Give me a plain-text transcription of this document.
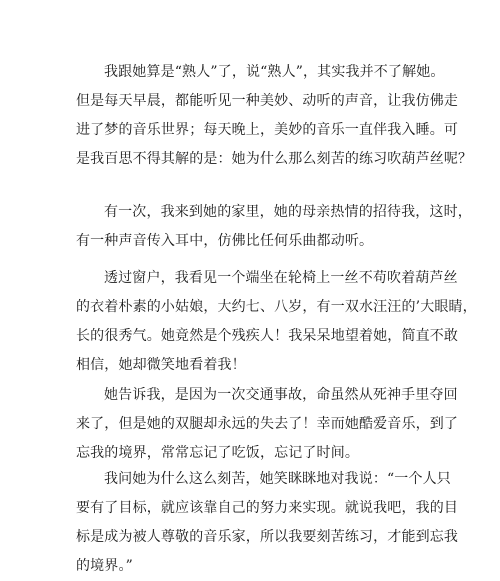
我跟她算是“熟人”了，说“熟人”，其实我并不了解她。
但是每天早晨，都能听见一种美妙、动听的声音，让我仿佛走
进了梦的音乐世界；每天晚上，美妙的音乐一直伴我入睡。可
是我百思不得其解的是：她为什么那么刻苦的练习吹葫芦丝呢？
有一次，我来到她的家里，她的母亲热情的招待我，这时，
有一种声音传入耳中，仿佛比任何乐曲都动听。
透过窗户，我看见一个端坐在轮椅上一丝不苟吹着葫芦丝
的衣着朴素的小姑娘，大约七、八岁，有一双水汪汪的’大眼睛，
长的很秀气。她竟然是个残疾人！我呆呆地望着她，简直不敢
相信，她却微笑地看着我！
她告诉我，是因为一次交通事故，命虽然从死神手里夺回
来了，但是她的双腿却永远的失去了！幸而她酷爱音乐，到了
忘我的境界，常常忘记了吃饭，忘记了时间。
我问她为什么这么刻苦，她笑眯眯地对我说：“一个人只
要有了目标，就应该靠自己的努力来实现。就说我吧，我的目
标是成为被人尊敬的音乐家，所以我要刻苦练习，才能到忘我
的境界。”
